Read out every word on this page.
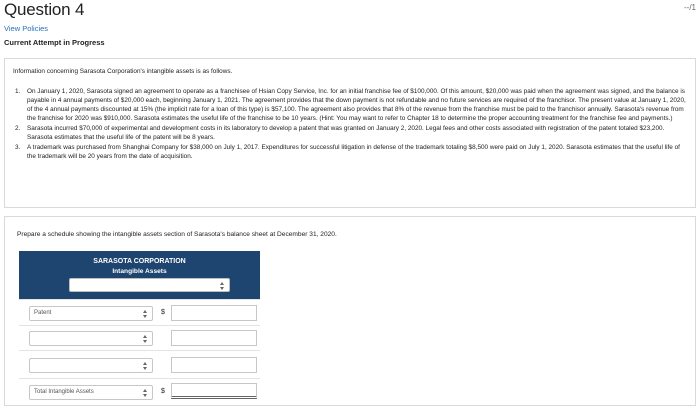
Question 4	--/1
View Policies
Current Attempt in Progress
Information concerning Sarasota Corporation's intangible assets is as follows.
1. On January 1, 2020, Sarasota signed an agreement to operate as a franchisee of Hsian Copy Service, Inc. for an initial franchise fee of $100,000. Of this amount, $20,000 was paid when the agreement was signed, and the balance is payable in 4 annual payments of $20,000 each, beginning January 1, 2021. The agreement provides that the down payment is not refundable and no future services are required of the franchisor. The present value at January 1, 2020, of the 4 annual payments discounted at 15% (the implicit rate for a loan of this type) is $57,100. The agreement also provides that 8% of the revenue from the franchise must be paid to the franchisor annually. Sarasota's revenue from the franchise for 2020 was $910,000. Sarasota estimates the useful life of the franchise to be 10 years. (Hint: You may want to refer to Chapter 18 to determine the proper accounting treatment for the franchise fee and payments.)
2. Sarasota incurred $70,000 of experimental and development costs in its laboratory to develop a patent that was granted on January 2, 2020. Legal fees and other costs associated with registration of the patent totaled $23,200. Sarasota estimates that the useful life of the patent will be 8 years.
3. A trademark was purchased from Shanghai Company for $38,000 on July 1, 2017. Expenditures for successful litigation in defense of the trademark totaling $8,500 were paid on July 1, 2020. Sarasota estimates that the useful life of the trademark will be 20 years from the date of acquisition.
Prepare a schedule showing the intangible assets section of Sarasota's balance sheet at December 31, 2020.
SARASOTA CORPORATION
Intangible Assets
Patent	$
Total Intangible Assets	$
